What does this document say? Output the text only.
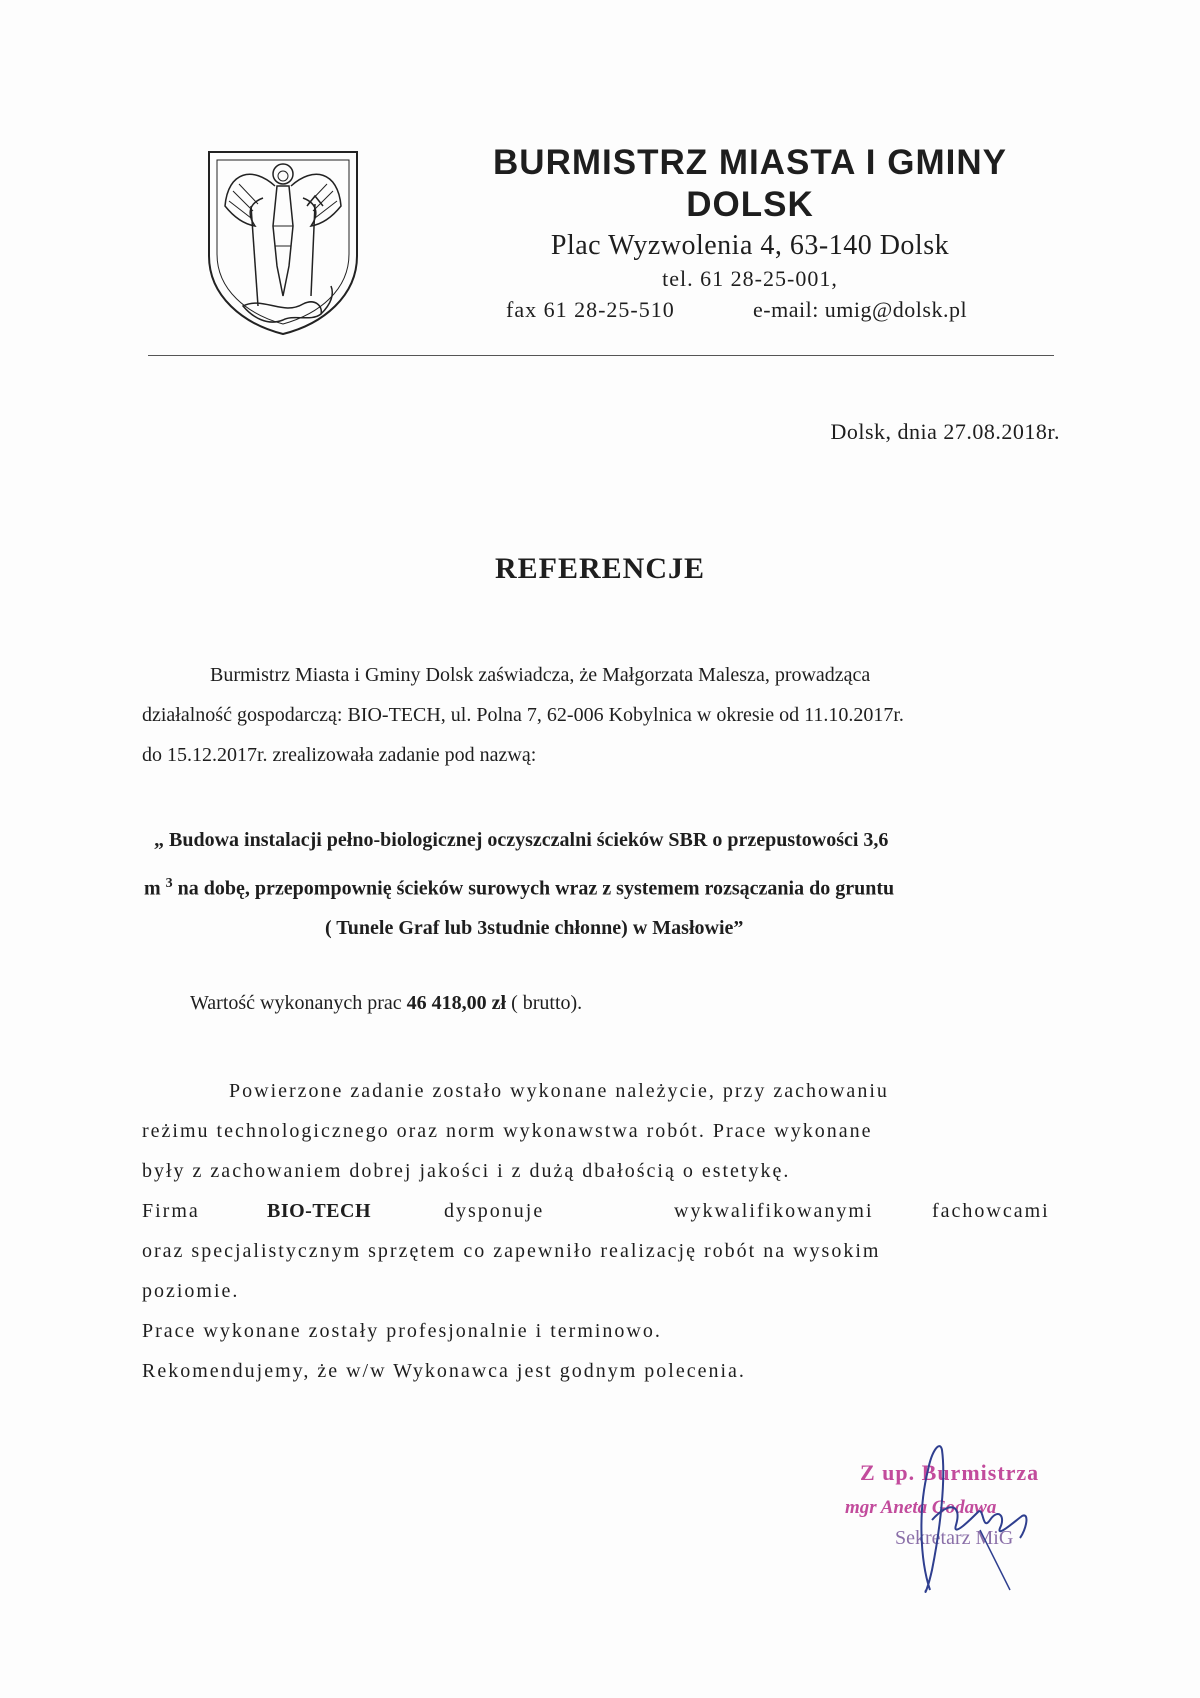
BURMISTRZ MIASTA I GMINY
DOLSK
Plac Wyzwolenia 4, 63-140 Dolsk
tel. 61 28-25-001,
fax 61 28-25-510	e-mail: umig@dolsk.pl
Dolsk, dnia 27.08.2018r.
REFERENCJE
Burmistrz Miasta i Gminy Dolsk zaświadcza, że Małgorzata Malesza, prowadząca
działalność gospodarczą: BIO-TECH, ul. Polna 7, 62-006 Kobylnica w okresie od 11.10.2017r.
do 15.12.2017r. zrealizowała zadanie pod nazwą:
„ Budowa instalacji pełno-biologicznej oczyszczalni ścieków SBR o przepustowości 3,6
m $^3$ na dobę, przepompownię ścieków surowych wraz z systemem rozsączania do gruntu
( Tunele Graf lub 3studnie chłonne) w Masłowie”
Wartość wykonanych prac 46 418,00 zł ( brutto).
Powierzone zadanie zostało wykonane należycie, przy zachowaniu
reżimu technologicznego oraz norm wykonawstwa robót. Prace wykonane
były z zachowaniem dobrej jakości i z dużą dbałością o estetykę.
Firma	BIO-TECH	dysponuje	wykwalifikowanymi	fachowcami
oraz specjalistycznym sprzętem co zapewniło realizację robót na wysokim
poziomie.
Prace wykonane zostały profesjonalnie i terminowo.
Rekomendujemy, że w/w Wykonawca jest godnym polecenia.
Z up. Burmistrza
mgr Aneta Godawa
Sekretarz MiG
